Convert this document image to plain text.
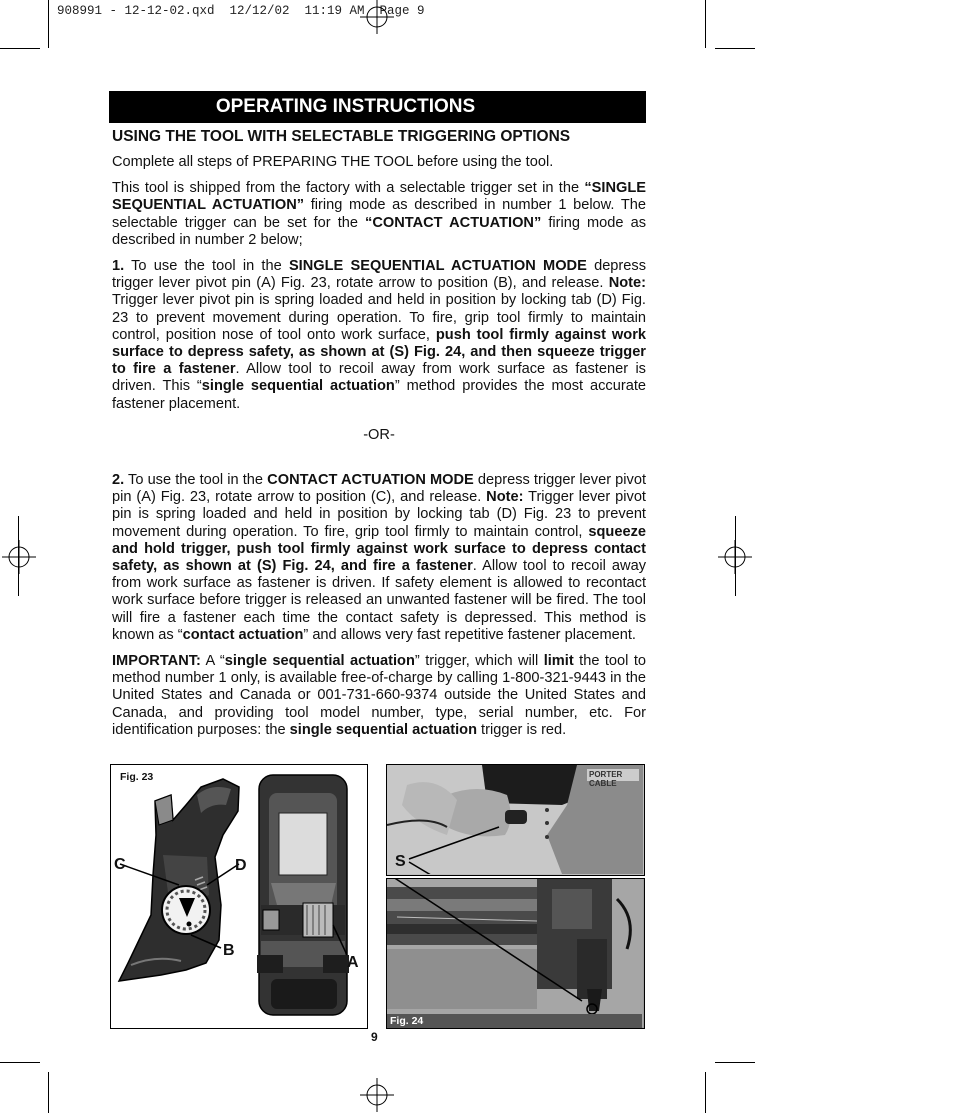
908991 - 12-12-02.qxd  12/12/02  11:19 AM  Page 9
OPERATING INSTRUCTIONS
USING THE TOOL WITH SELECTABLE TRIGGERING OPTIONS

Complete all steps of PREPARING THE TOOL before using the tool.

This tool is shipped from the factory with a selectable trigger set in the “SINGLE SEQUENTIAL ACTUATION” firing mode as described in number 1 below. The selectable trigger can be set for the “CONTACT ACTUATION” firing mode as described in number 2 below;

1. To use the tool in the SINGLE SEQUENTIAL ACTUATION MODE depress trigger lever pivot pin (A) Fig. 23, rotate arrow to position (B), and release. Note: Trigger lever pivot pin is spring loaded and held in position by locking tab (D) Fig. 23 to prevent movement during operation. To fire, grip tool firmly to maintain control, position nose of tool onto work surface, push tool firmly against work surface to depress safety, as shown at (S) Fig. 24, and then squeeze trigger to fire a fastener. Allow tool to recoil away from work surface as fastener is driven. This “single sequential actuation” method provides the most accurate fastener placement.

-OR-

2. To use the tool in the CONTACT ACTUATION MODE depress trigger lever pivot pin (A) Fig. 23, rotate arrow to position (C), and release. Note: Trigger lever pivot pin is spring loaded and held in position by locking tab (D) Fig. 23 to prevent movement during operation. To fire, grip tool firmly to maintain control, squeeze and hold trigger, push tool firmly against work surface to depress contact safety, as shown at (S) Fig. 24, and fire a fastener. Allow tool to recoil away from work surface as fastener is driven. If safety element is allowed to recontact work surface before trigger is released an unwanted fastener will be fired. The tool will fire a fastener each time the contact safety is depressed. This method is known as “contact actuation” and allows very fast repetitive fastener placement.

IMPORTANT: A “single sequential actuation” trigger, which will limit the tool to method number 1 only, is available free-of-charge by calling 1-800-321-9443 in the United States and Canada or 001-731-660-9374 outside the United States and Canada, and providing tool model number, type, serial number, etc. For identification purposes: the single sequential actuation trigger is red.

Fig. 23
C	D
B
A
PORTER CABLE
S
Fig. 24
9
